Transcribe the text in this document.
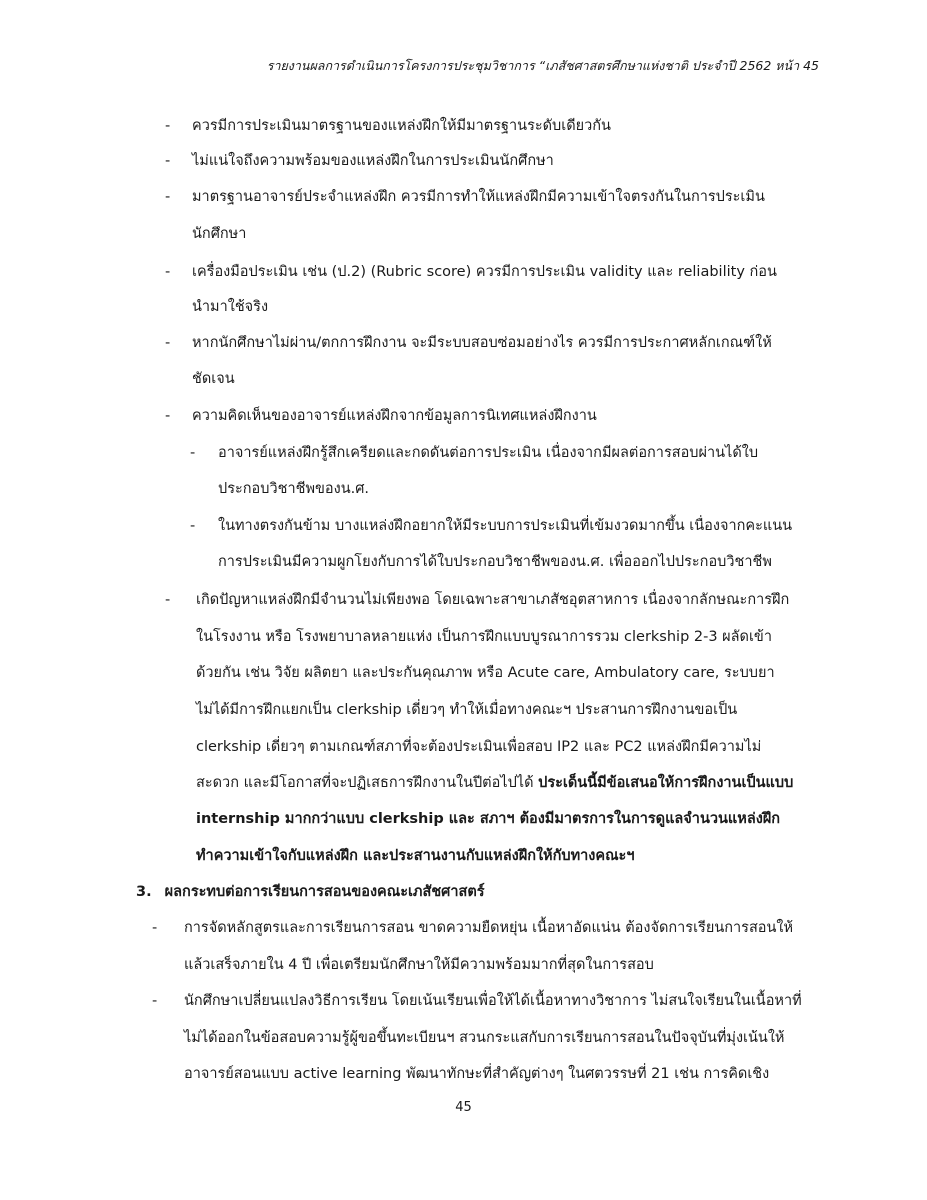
รายงานผลการดำเนินการโครงการประชุมวิชาการ “เภสัชศาสตรศึกษาแห่งชาติ ประจำปี 2562 หน้า 45
- ควรมีการประเมินมาตรฐานของแหล่งฝึกให้มีมาตรฐานระดับเดียวกัน
- ไม่แน่ใจถึงความพร้อมของแหล่งฝึกในการประเมินนักศึกษา
- มาตรฐานอาจารย์ประจำแหล่งฝึก ควรมีการทำให้แหล่งฝึกมีความเข้าใจตรงกันในการประเมิน
นักศึกษา
- เครื่องมือประเมิน เช่น (ป.2) (Rubric score) ควรมีการประเมิน validity และ reliability ก่อน
นำมาใช้จริง
- หากนักศึกษาไม่ผ่าน/ตกการฝึกงาน จะมีระบบสอบซ่อมอย่างไร ควรมีการประกาศหลักเกณฑ์ให้
ชัดเจน
- ความคิดเห็นของอาจารย์แหล่งฝึกจากข้อมูลการนิเทศแหล่งฝึกงาน
- อาจารย์แหล่งฝึกรู้สึกเครียดและกดดันต่อการประเมิน เนื่องจากมีผลต่อการสอบผ่านได้ใบ
ประกอบวิชาชีพของน.ศ.
- ในทางตรงกันข้าม บางแหล่งฝึกอยากให้มีระบบการประเมินที่เข้มงวดมากขึ้น เนื่องจากคะแนน
การประเมินมีความผูกโยงกับการได้ใบประกอบวิชาชีพของน.ศ. เพื่อออกไปประกอบวิชาชีพ
- เกิดปัญหาแหล่งฝึกมีจำนวนไม่เพียงพอ โดยเฉพาะสาขาเภสัชอุตสาหการ เนื่องจากลักษณะการฝึก
ในโรงงาน หรือ โรงพยาบาลหลายแห่ง เป็นการฝึกแบบบูรณาการรวม clerkship 2-3 ผลัดเข้า
ด้วยกัน เช่น วิจัย ผลิตยา และประกันคุณภาพ หรือ Acute care, Ambulatory care, ระบบยา
ไม่ได้มีการฝึกแยกเป็น clerkship เดี่ยวๆ ทำให้เมื่อทางคณะฯ ประสานการฝึกงานขอเป็น
clerkship เดี่ยวๆ ตามเกณฑ์สภาที่จะต้องประเมินเพื่อสอบ IP2 และ PC2 แหล่งฝึกมีความไม่
สะดวก และมีโอกาสที่จะปฏิเสธการฝึกงานในปีต่อไปได้ ประเด็นนี้มีข้อเสนอให้การฝึกงานเป็นแบบ
internship มากกว่าแบบ clerkship และ สภาฯ ต้องมีมาตรการในการดูแลจำนวนแหล่งฝึก
ทำความเข้าใจกับแหล่งฝึก และประสานงานกับแหล่งฝึกให้กับทางคณะฯ
3. ผลกระทบต่อการเรียนการสอนของคณะเภสัชศาสตร์
- การจัดหลักสูตรและการเรียนการสอน ขาดความยืดหยุ่น เนื้อหาอัดแน่น ต้องจัดการเรียนการสอนให้
แล้วเสร็จภายใน 4 ปี เพื่อเตรียมนักศึกษาให้มีความพร้อมมากที่สุดในการสอบ
- นักศึกษาเปลี่ยนแปลงวิธีการเรียน โดยเน้นเรียนเพื่อให้ได้เนื้อหาทางวิชาการ ไม่สนใจเรียนในเนื้อหาที่
ไม่ได้ออกในข้อสอบความรู้ผู้ขอขึ้นทะเบียนฯ สวนกระแสกับการเรียนการสอนในปัจจุบันที่มุ่งเน้นให้
อาจารย์สอนแบบ active learning พัฒนาทักษะที่สำคัญต่างๆ ในศตวรรษที่ 21 เช่น การคิดเชิง
45
